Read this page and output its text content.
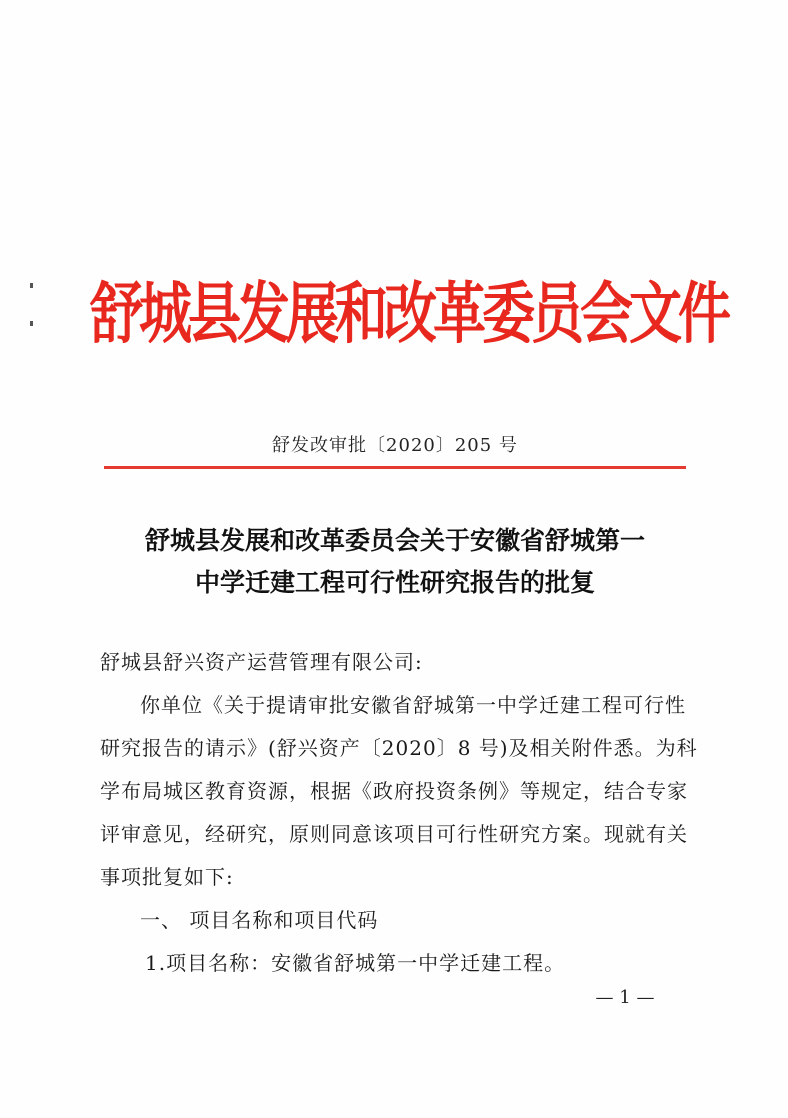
舒城县发展和改革委员会文件
舒发改审批〔2020〕205 号
舒城县发展和改革委员会关于安徽省舒城第一
中学迁建工程可行性研究报告的批复
舒城县舒兴资产运营管理有限公司:
你单位《关于提请审批安徽省舒城第一中学迁建工程可行性
研究报告的请示》(舒兴资产〔2020〕8 号)及相关附件悉。为科
学布局城区教育资源，根据《政府投资条例》等规定，结合专家
评审意见，经研究，原则同意该项目可行性研究方案。现就有关
事项批复如下:
一、 项目名称和项目代码
1.项目名称：安徽省舒城第一中学迁建工程。
— 1 —
